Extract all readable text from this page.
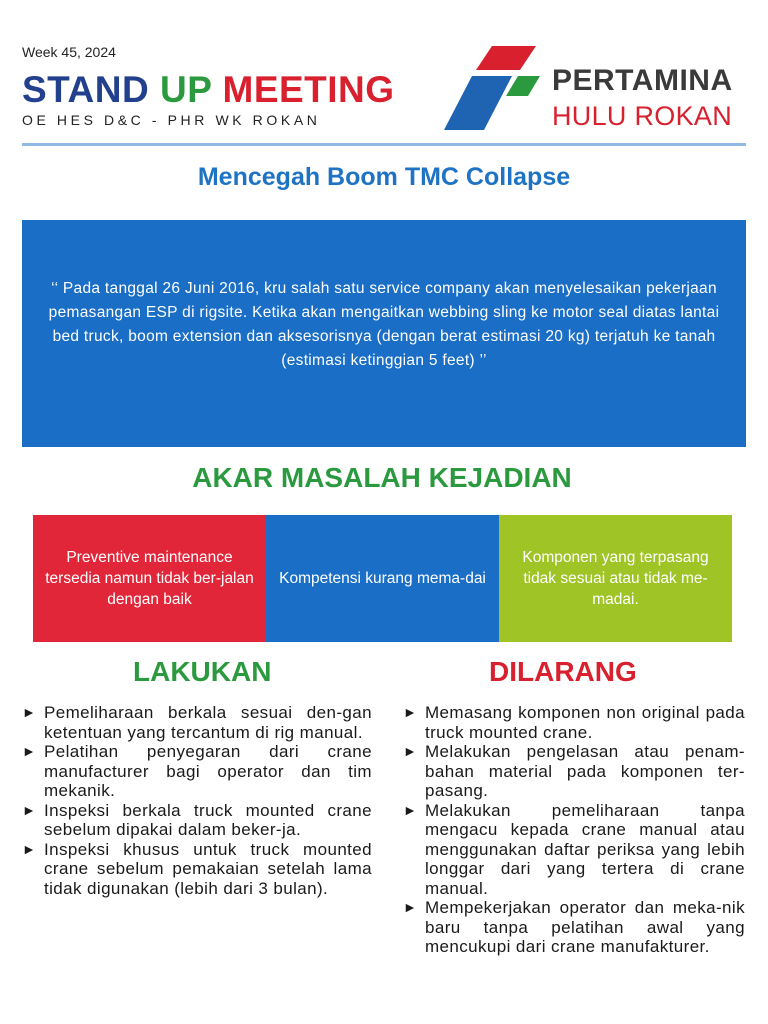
Week 45, 2024
STAND UP MEETING
OE HES D&C - PHR WK ROKAN
PERTAMINA
HULU ROKAN
Mencegah Boom TMC Collapse
‘‘ Pada tanggal 26 Juni 2016, kru salah satu service company akan menyelesaikan pekerjaan pemasangan ESP di rigsite. Ketika akan mengaitkan webbing sling ke motor seal diatas lantai bed truck, boom extension dan aksesorisnya (dengan berat estimasi 20 kg) terjatuh ke tanah (estimasi ketinggian 5 feet) ’’
AKAR MASALAH KEJADIAN
Preventive maintenance tersedia namun tidak ber-jalan dengan baik
Kompetensi kurang mema-dai
Komponen yang terpasang tidak sesuai atau tidak me-madai.
LAKUKAN	DILARANG
► Pemeliharaan berkala sesuai den-gan ketentuan yang tercantum di rig manual.
► Pelatihan penyegaran dari crane manufacturer bagi operator dan tim mekanik.
► Inspeksi berkala truck mounted crane sebelum dipakai dalam beker-ja.
► Inspeksi khusus untuk truck mounted crane sebelum pemakaian setelah lama tidak digunakan (lebih dari 3 bulan).
► Memasang komponen non original pada truck mounted crane.
► Melakukan pengelasan atau penam-bahan material pada komponen ter-pasang.
► Melakukan pemeliharaan tanpa mengacu kepada crane manual atau menggunakan daftar periksa yang lebih longgar dari yang tertera di crane manual.
► Mempekerjakan operator dan meka-nik baru tanpa pelatihan awal yang mencukupi dari crane manufakturer.
